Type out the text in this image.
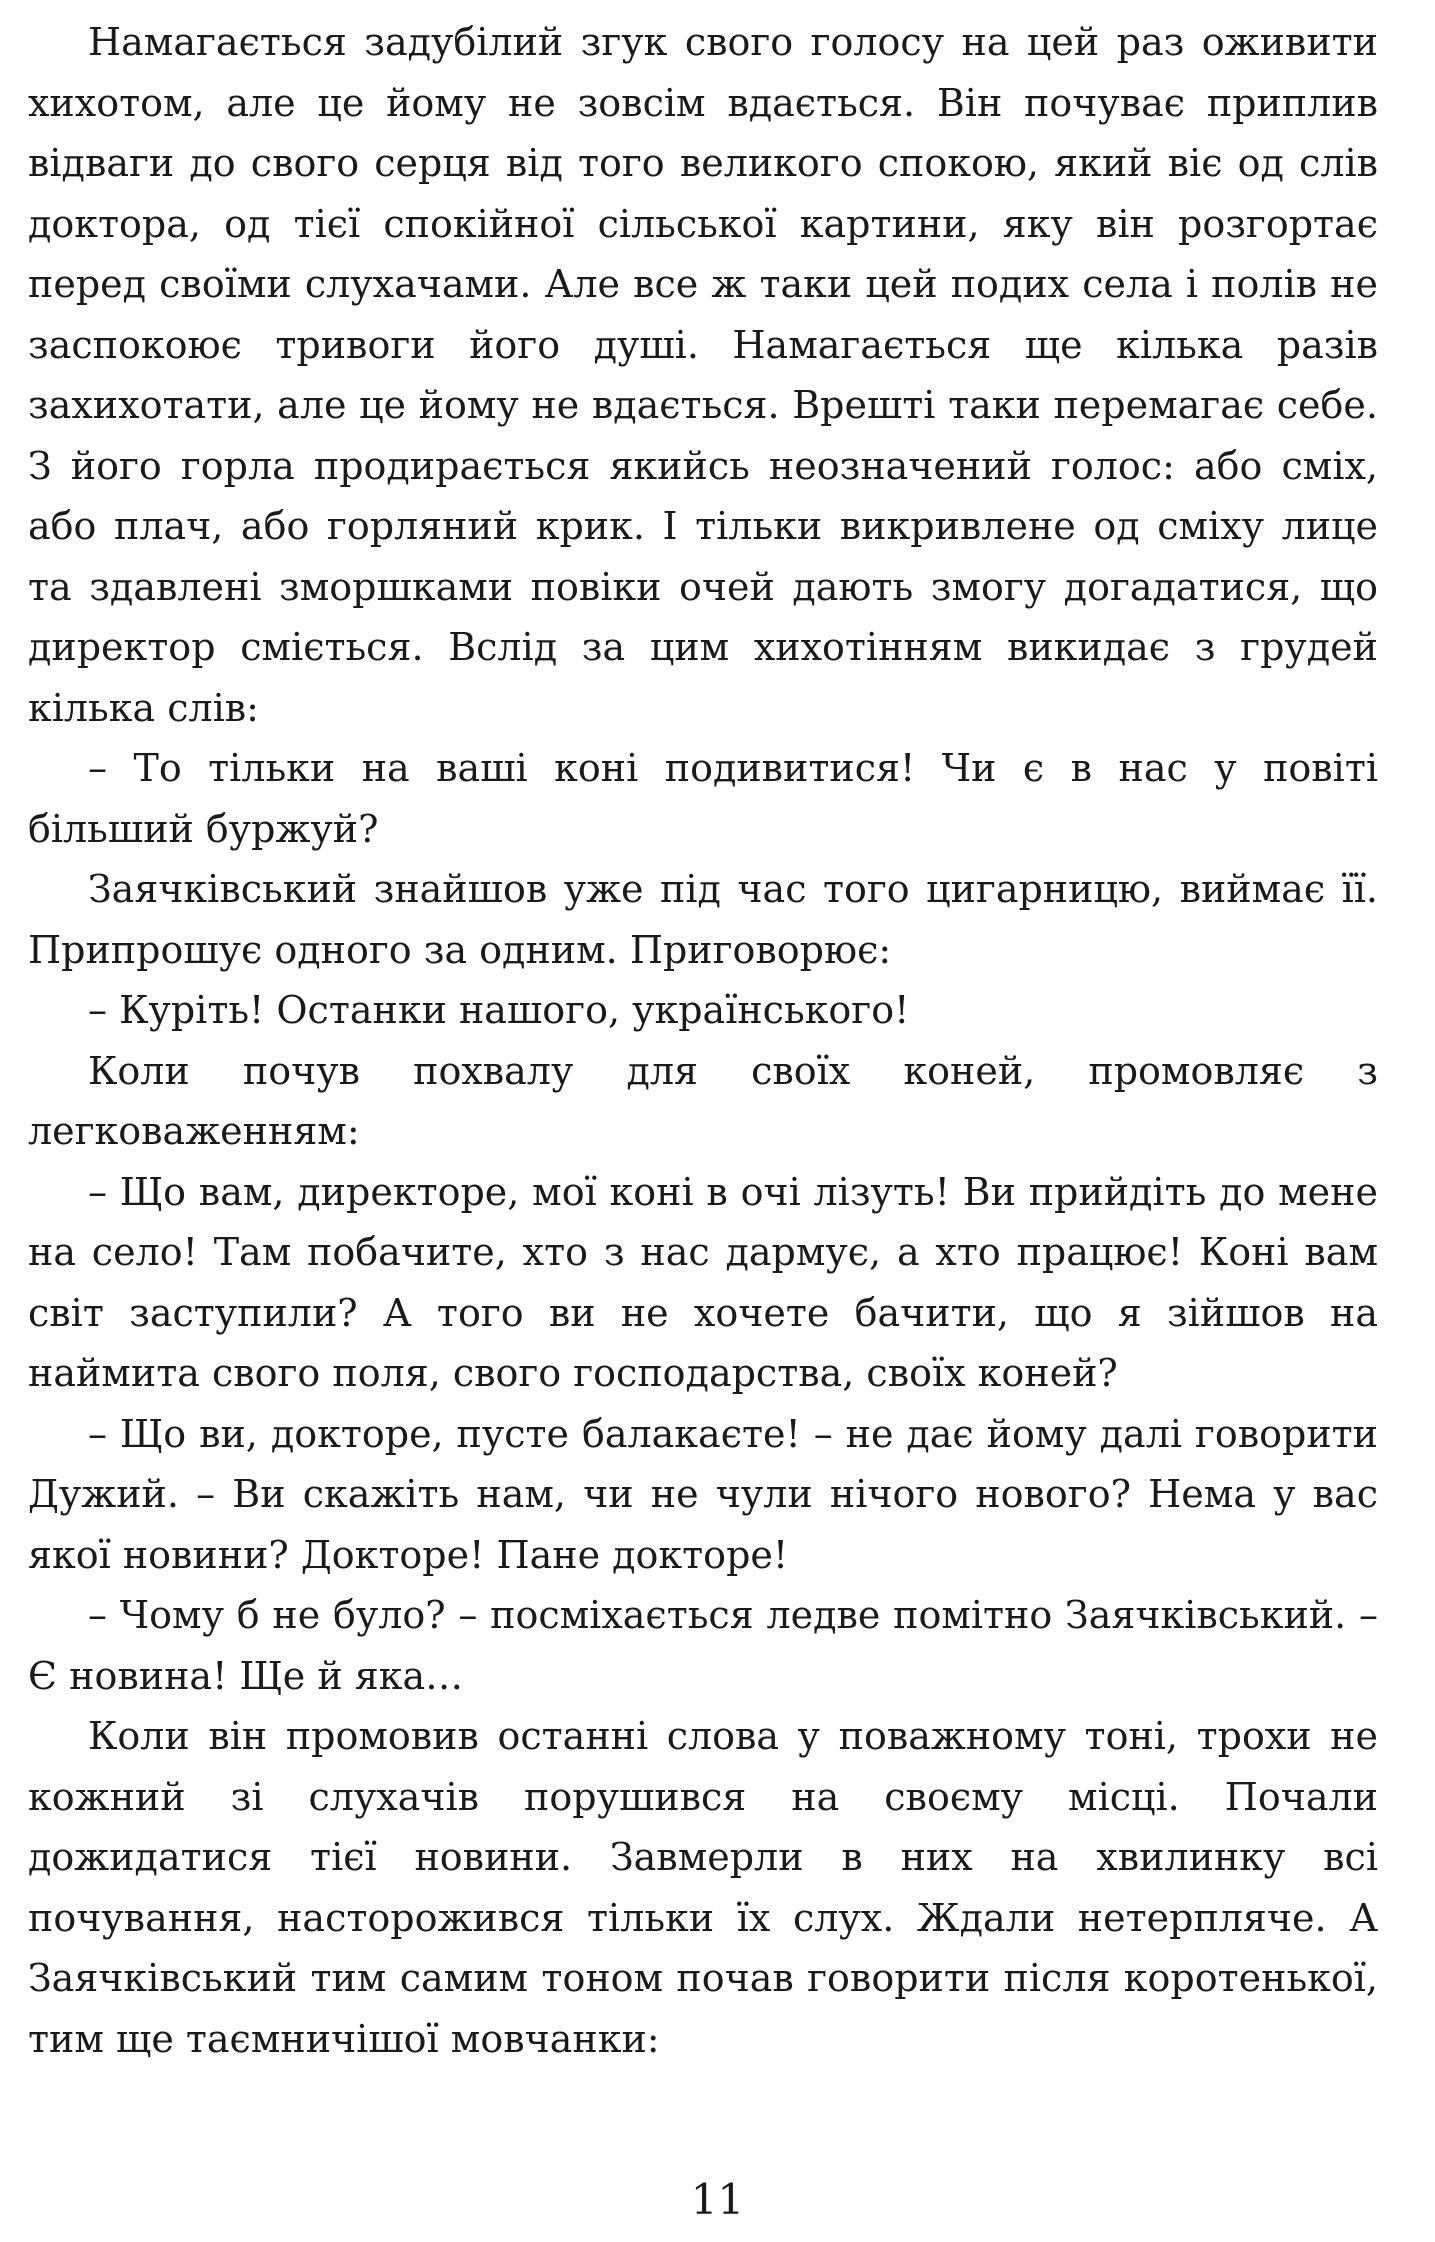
Намагається задубілий згук свого голосу на цей раз оживити хихотом, але це йому не зовсім вдається. Він почуває приплив відваги до свого серця від того великого спокою, який віє од слів доктора, од тієї спокійної сільської картини, яку він розгортає перед своїми слухачами. Але все ж таки цей подих села і полів не заспокоює тривоги його душі. Намагається ще кілька разів захихотати, але це йому не вдається. Врешті таки перемагає себе. З його горла продирається якийсь неозначений голос: або сміх, або плач, або горляний крик. І тільки викривлене од сміху лице та здавлені зморшками повіки очей дають змогу догадатися, що директор сміється. Вслід за цим хихотінням викидає з грудей кілька слів:

– То тільки на ваші коні подивитися! Чи є в нас у повіті більший буржуй?

Заячківський знайшов уже під час того цигарницю, виймає її. Припрошує одного за одним. Приговорює:

– Куріть! Останки нашого, українського!

Коли почув похвалу для своїх коней, промовляє з легковаженням:

– Що вам, директоре, мої коні в очі лізуть! Ви прийдіть до мене на село! Там побачите, хто з нас дармує, а хто працює! Коні вам світ заступили? А того ви не хочете бачити, що я зійшов на наймита свого поля, свого господарства, своїх коней?

– Що ви, докторе, пусте балакаєте! – не дає йому далі говорити Дужий. – Ви скажіть нам, чи не чули нічого нового? Нема у вас якої новини? Докторе! Пане докторе!

– Чому б не було? – посміхається ледве помітно Заячківський. – Є новина! Ще й яка…

Коли він промовив останні слова у поважному тоні, трохи не кожний зі слухачів порушився на своєму місці. Почали дожидатися тієї новини. Завмерли в них на хвилинку всі почування, насторожився тільки їх слух. Ждали нетерпляче. А Заячківський тим самим тоном почав говорити після коротенької, тим ще таємничішої мовчанки:

11
